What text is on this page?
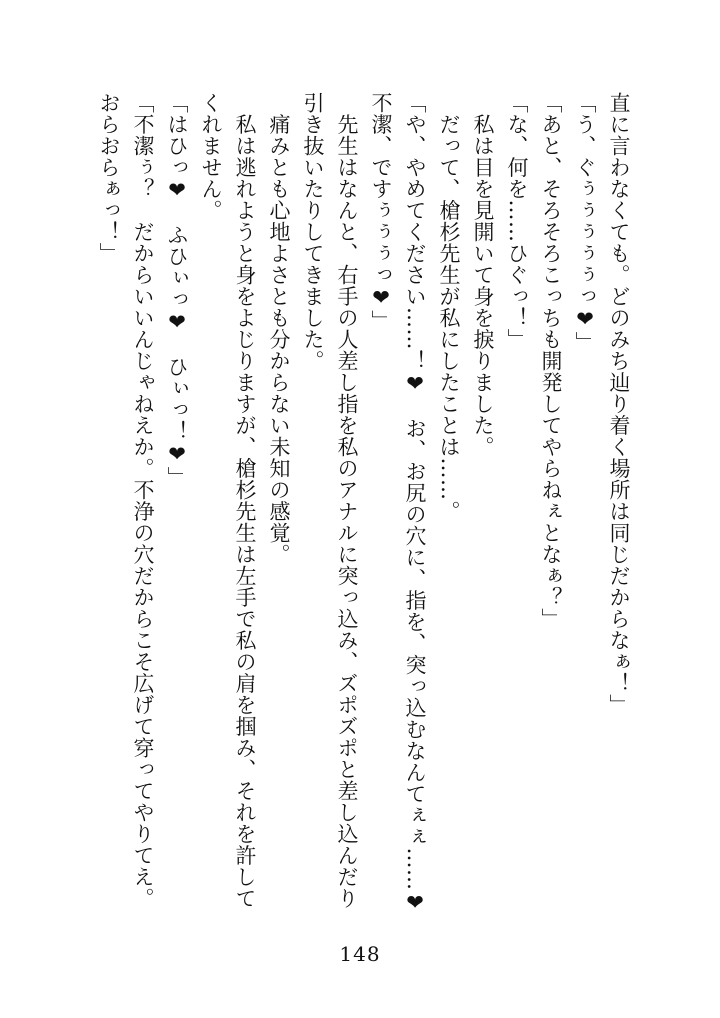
直に言わなくても。どのみち辿り着く場所は同じだからなぁ！」

「う、ぐぅぅぅぅぅっ❤」

「あと、そろそろこっちも開発してやらねぇとなぁ？」

「な、何を……ひぐっ！」

　私は目を見開いて身を捩りました。

　だって、槍杉先生が私にしたことは……。

「や、やめてください……！❤　お、お尻の穴に、指を、突っ込むなんてぇぇ……❤　不潔、ですぅぅぅっ❤」

　先生はなんと、右手の人差し指を私のアナルに突っ込み、ズポズポと差し込んだり引き抜いたりしてきました。

　痛みとも心地よさとも分からない未知の感覚。

　私は逃れようと身をよじりますが、槍杉先生は左手で私の肩を掴み、それを許してくれません。

「はひっ❤　ふひぃっ❤　ひぃっ！❤」

「不潔ぅ？　だからいいんじゃねえか。不浄の穴だからこそ広げて穿ってやりてえ。おらおらぁっ！」

148
